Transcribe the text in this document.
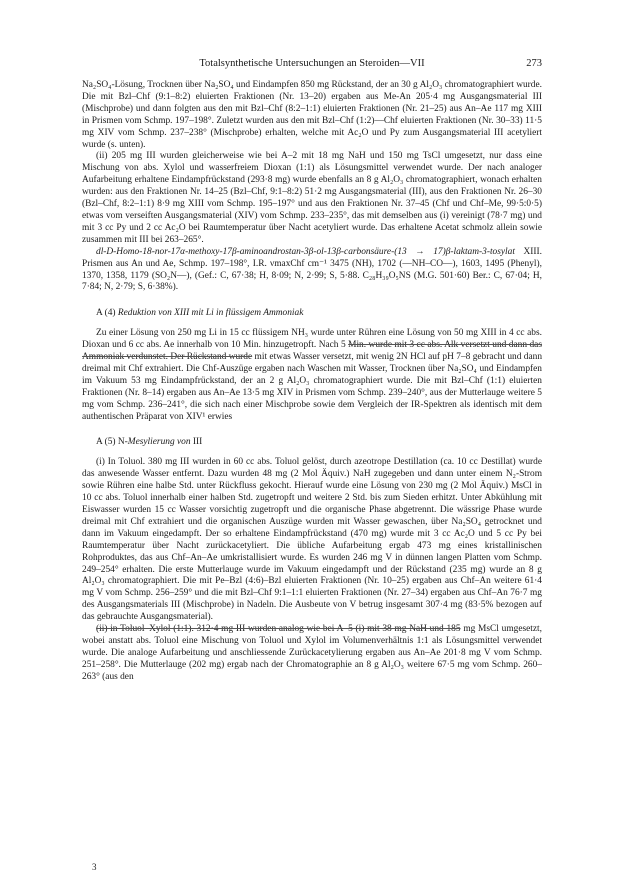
Totalsynthetische Untersuchungen an Steroiden—VII	273

Na₂SO₄-Lösung, Trocknen über Na₂SO₄ und Eindampfen 850 mg Rückstand, der an 30 g Al₂O₃ chromatographiert wurde. Die mit Bzl–Chf (9:1–8:2) eluierten Fraktionen (Nr. 13–20) ergaben aus Me-An 205·4 mg Ausgangsmaterial III (Mischprobe) und dann folgten aus den mit Bzl–Chf (8:2–1:1) eluierten Fraktionen (Nr. 21–25) aus An–Ae 117 mg XIII in Prismen vom Schmp. 197–198°. Zuletzt wurden aus den mit Bzl–Chf (1:2)—Chf eluierten Fraktionen (Nr. 30–33) 11·5 mg XIV vom Schmp. 237–238° (Mischprobe) erhalten, welche mit Ac₂O und Py zum Ausgangsmaterial III acetyliert wurde (s. unten).

(ii) 205 mg III wurden gleicherweise wie bei A–2 mit 18 mg NaH und 150 mg TsCl umgesetzt, nur dass eine Mischung von abs. Xylol und wasserfreiem Dioxan (1:1) als Lösungsmittel verwendet wurde. Der nach analoger Aufarbeitung erhaltene Eindampfrückstand (293·8 mg) wurde ebenfalls an 8 g Al₂O₃ chromatographiert, wonach erhalten wurden: aus den Fraktionen Nr. 14–25 (Bzl–Chf, 9:1–8:2) 51·2 mg Ausgangsmaterial (III), aus den Fraktionen Nr. 26–30 (Bzl–Chf, 8:2–1:1) 8·9 mg XIII vom Schmp. 195–197° und aus den Fraktionen Nr. 37–45 (Chf und Chf–Me, 99·5:0·5) etwas vom verseiften Ausgangsmaterial (XIV) vom Schmp. 233–235°, das mit demselben aus (i) vereinigt (78·7 mg) und mit 3 cc Py und 2 cc Ac₂O bei Raumtemperatur über Nacht acetyliert wurde. Das erhaltene Acetat schmolz allein sowie zusammen mit III bei 263–265°.

dl-D-Homo-18-nor-17α-methoxy-17β-aminoandrostan-3β-ol-13β-carbonsäure-(13 → 17)β-laktam-3-tosylat XIII. Prismen aus An und Ae, Schmp. 197–198°, I.R. νmaxChf cm⁻¹ 3475 (NH), 1702 (—NH–CO—), 1603, 1495 (Phenyl), 1370, 1358, 1179 (SO₂N—), (Gef.: C, 67·38; H, 8·09; N, 2·99; S, 5·88. C₂₈H₃₉O₅NS (M.G. 501·60) Ber.: C, 67·04; H, 7·84; N, 2·79; S, 6·38%).

A (4) Reduktion von XIII mit Li in flüssigem Ammoniak

Zu einer Lösung von 250 mg Li in 15 cc flüssigem NH₃ wurde unter Rühren eine Lösung von 50 mg XIII in 4 cc abs. Dioxan und 6 cc abs. Ae innerhalb von 10 Min. hinzugetropft. Nach 5 Min. wurde mit 3 cc abs. Alk versetzt und dann das Ammoniak verdunstet. Der Rückstand wurde mit etwas Wasser versetzt, mit wenig 2N HCl auf pH 7–8 gebracht und dann dreimal mit Chf extrahiert. Die Chf-Auszüge ergaben nach Waschen mit Wasser, Trocknen über Na₂SO₄ und Eindampfen im Vakuum 53 mg Eindampfrückstand, der an 2 g Al₂O₃ chromatographiert wurde. Die mit Bzl–Chf (1:1) eluierten Fraktionen (Nr. 8–14) ergaben aus An–Ae 13·5 mg XIV in Prismen vom Schmp. 239–240°, aus der Mutterlauge weitere 5 mg vom Schmp. 236–241°, die sich nach einer Mischprobe sowie dem Vergleich der IR-Spektren als identisch mit dem authentischen Präparat von XIV¹ erwies

A (5) N-Mesylierung von III

(i) In Toluol. 380 mg III wurden in 60 cc abs. Toluol gelöst, durch azeotrope Destillation (ca. 10 cc Destillat) wurde das anwesende Wasser entfernt. Dazu wurden 48 mg (2 Mol Äquiv.) NaH zugegeben und dann unter einem N₂-Strom sowie Rühren eine halbe Std. unter Rückfluss gekocht. Hierauf wurde eine Lösung von 230 mg (2 Mol Äquiv.) MsCl in 10 cc abs. Toluol innerhalb einer halben Std. zugetropft und weitere 2 Std. bis zum Sieden erhitzt. Unter Abkühlung mit Eiswasser wurden 15 cc Wasser vorsichtig zugetropft und die organische Phase abgetrennt. Die wässrige Phase wurde dreimal mit Chf extrahiert und die organischen Auszüge wurden mit Wasser gewaschen, über Na₂SO₄ getrocknet und dann im Vakuum eingedampft. Der so erhaltene Eindampfrückstand (470 mg) wurde mit 3 cc Ac₂O und 5 cc Py bei Raumtemperatur über Nacht zurückacetyliert. Die übliche Aufarbeitung ergab 473 mg eines kristallinischen Rohproduktes, das aus Chf–An–Ae umkristallisiert wurde. Es wurden 246 mg V in dünnen langen Platten vom Schmp. 249–254° erhalten. Die erste Mutterlauge wurde im Vakuum eingedampft und der Rückstand (235 mg) wurde an 8 g Al₂O₃ chromatographiert. Die mit Pe–Bzl (4:6)–Bzl eluierten Fraktionen (Nr. 10–25) ergaben aus Chf–An weitere 61·4 mg V vom Schmp. 256–259° und die mit Bzl–Chf 9:1–1:1 eluierten Fraktionen (Nr. 27–34) ergaben aus Chf–An 76·7 mg des Ausgangsmaterials III (Mischprobe) in Nadeln. Die Ausbeute von V betrug insgesamt 307·4 mg (83·5% bezogen auf das gebrauchte Ausgangsmaterial).

(ii) in Toluol–Xylol (1:1). 312·4 mg III wurden analog wie bei A–5 (i) mit 38 mg NaH und 185 mg MsCl umgesetzt, wobei anstatt abs. Toluol eine Mischung von Toluol und Xylol im Volumenverhältnis 1:1 als Lösungsmittel verwendet wurde. Die analoge Aufarbeitung und anschliessende Zurückacetylierung ergaben aus An–Ae 201·8 mg V vom Schmp. 251–258°. Die Mutterlauge (202 mg) ergab nach der Chromatographie an 8 g Al₂O₃ weitere 67·5 mg vom Schmp. 260–263° (aus den

3
